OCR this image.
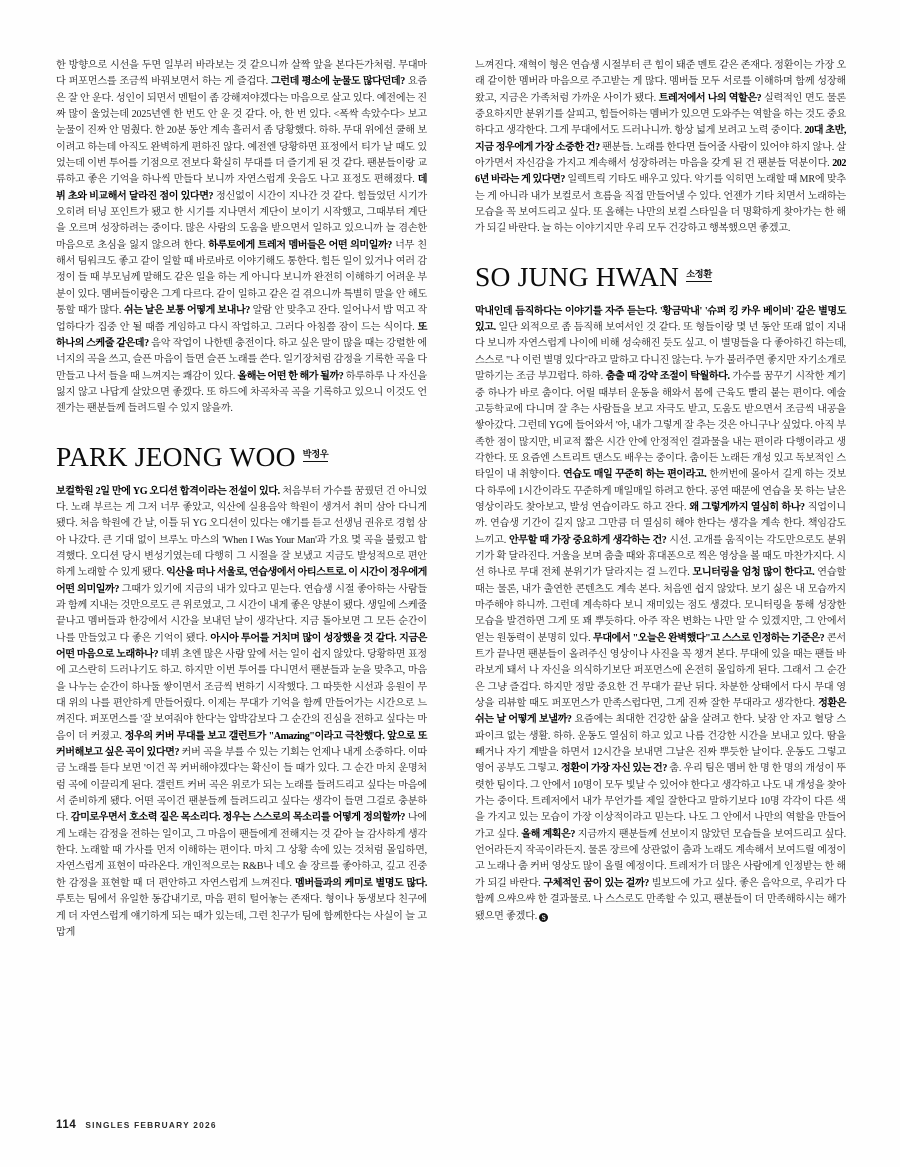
한 방향으로 시선을 두면 일부러 바라보는 것 같으니까 살짝 앞을 본다든가처럼. 무대마다 퍼포먼스를 조금씩 바꿔보면서 하는 게 즐겁다. 그런데 평소에 눈물도 많다던데? 요즘은 잘 안 운다. 성인이 되면서 멘털이 좀 강해져야겠다는 마음으로 살고 있다. 예전에는 진짜 많이 울었는데 2025년엔 한 번도 안 운 것 같다. 아, 한 번 있다. <폭싹 속았수다> 보고 눈물이 진짜 안 멈췄다. 한 20분 동안 계속 흘러서 좀 당황했다. 하하. 무대 위에선 쿨해 보이려고 하는데 아직도 완벽하게 편하진 않다. 예전엔 당황하면 표정에서 티가 날 때도 있었는데 이번 투어를 기점으로 전보다 확실히 무대를 더 즐기게 된 것 같다. 팬분들이랑 교류하고 좋은 기억을 하나씩 만들다 보니까 자연스럽게 웃음도 나고 표정도 편해졌다. 데뷔 초와 비교해서 달라진 점이 있다면? 정신없이 시간이 지나간 것 같다. 힘들었던 시기가 오히려 터닝 포인트가 됐고 한 시기를 지나면서 계단이 보이기 시작했고, 그때부터 계단을 오르며 성장하려는 중이다. 많은 사람의 도움을 받으면서 일하고 있으니까 늘 겸손한 마음으로 초심을 잃지 않으려 한다. 하루토에게 트레저 멤버들은 어떤 의미일까? 너무 친해서 팀워크도 좋고 같이 일할 때 바로바로 이야기해도 통한다. 힘든 일이 있거나 여러 감정이 들 때 부모님께 말해도 같은 일을 하는 게 아니다 보니까 완전히 이해하기 어려운 부분이 있다. 멤버들이랑은 그게 다르다. 같이 일하고 같은 걸 겪으니까 특별히 말을 안 해도 통할 때가 많다. 쉬는 날은 보통 어떻게 보내나? 알람 안 맞추고 잔다. 일어나서 밥 먹고 작업하다가 집중 안 될 때쯤 게임하고 다시 작업하고. 그러다 아침쯤 잠이 드는 식이다. 또 하나의 스케줄 같은데? 음악 작업이 나한텐 충전이다. 하고 싶은 말이 많을 때는 강렬한 에너지의 곡을 쓰고, 슬픈 마음이 들면 슬픈 노래를 쓴다. 일기장처럼 감정을 기록한 곡을 다 만들고 나서 들을 때 느껴지는 쾌감이 있다. 올해는 어떤 한 해가 될까? 하루하루 나 자신을 잃지 않고 나답게 살았으면 좋겠다. 또 하드에 차곡차곡 곡을 기록하고 있으니 이것도 언젠가는 팬분들께 들려드릴 수 있지 않을까.

PARK JEONG WOO 박정우

보컬학원 2일 만에 YG 오디션 합격이라는 전설이 있다. 처음부터 가수를 꿈꿨던 건 아니었다. 노래 부르는 게 그저 너무 좋았고, 익산에 실용음악 학원이 생겨서 취미 삼아 다니게 됐다. 처음 학원에 간 날, 이틀 뒤 YG 오디션이 있다는 얘기를 듣고 선생님 권유로 경험 삼아 나갔다. 큰 기대 없이 브루노 마스의 'When I Was Your Man'과 가요 몇 곡을 불렀고 합격했다. 오디션 당시 변성기였는데 다행히 그 시절을 잘 보냈고 지금도 발성적으로 편안하게 노래할 수 있게 됐다. 익산을 떠나 서울로, 연습생에서 아티스트로. 이 시간이 정우에게 어떤 의미일까? 그때가 있기에 지금의 내가 있다고 믿는다. 연습생 시절 좋아하는 사람들과 함께 지내는 것만으로도 큰 위로였고, 그 시간이 내게 좋은 양분이 됐다. 생일에 스케줄 끝나고 멤버들과 한강에서 시간을 보내던 날이 생각난다. 지금 돌아보면 그 모든 순간이 나를 만들었고 다 좋은 기억이 됐다. 아시아 투어를 거치며 많이 성장했을 것 같다. 지금은 어떤 마음으로 노래하나? 데뷔 초엔 많은 사람 앞에 서는 일이 쉽지 않았다. 당황하면 표정에 고스란히 드러나기도 하고. 하지만 이번 투어를 다니면서 팬분들과 눈을 맞추고, 마음을 나누는 순간이 하나둘 쌓이면서 조금씩 변하기 시작했다. 그 따뜻한 시선과 응원이 무대 위의 나를 편안하게 만들어줬다. 이제는 무대가 기억을 함께 만들어가는 시간으로 느껴진다. 퍼포먼스를 '잘 보여줘야 한다'는 압박감보다 그 순간의 진심을 전하고 싶다는 마음이 더 커졌고. 정우의 커버 무대를 보고 갤런트가 "Amazing"이라고 극찬했다. 앞으로 또 커버해보고 싶은 곡이 있다면? 커버 곡을 부를 수 있는 기회는 언제나 내게 소중하다. 이따금 노래를 듣다 보면 '이건 꼭 커버해야겠다'는 확신이 들 때가 있다. 그 순간 마치 운명처럼 곡에 이끌리게 된다. 갤런트 커버 곡은 위로가 되는 노래를 들려드리고 싶다는 마음에서 준비하게 됐다. 어떤 곡이건 팬분들께 들려드리고 싶다는 생각이 들면 그걸로 충분하다. 감미로우면서 호소력 짙은 목소리다. 정우는 스스로의 목소리를 어떻게 정의할까? 나에게 노래는 감정을 전하는 일이고, 그 마음이 팬들에게 전해지는 것 같아 늘 감사하게 생각한다. 노래할 때 가사를 먼저 이해하는 편이다. 마치 그 상황 속에 있는 것처럼 몰입하면, 자연스럽게 표현이 따라온다. 개인적으로는 R&B나 네오 솔 장르를 좋아하고, 깊고 진중한 감정을 표현할 때 더 편안하고 자연스럽게 느껴진다. 멤버들과의 케미로 별명도 많다. 루토는 팀에서 유일한 동갑내기로, 마음 편히 털어놓는 존재다. 형이나 동생보다 친구에게 더 자연스럽게 얘기하게 되는 때가 있는데, 그런 친구가 팀에 함께한다는 사실이 늘 고맙게

느껴진다. 재혁이 형은 연습생 시절부터 큰 힘이 돼준 멘토 같은 존재다. 정환이는 가장 오래 같이한 멤버라 마음으로 주고받는 게 많다. 멤버들 모두 서로를 이해하며 함께 성장해왔고, 지금은 가족처럼 가까운 사이가 됐다. 트레저에서 나의 역할은? 실력적인 면도 물론 중요하지만 분위기를 살피고, 힘들어하는 멤버가 있으면 도와주는 역할을 하는 것도 중요하다고 생각한다. 그게 무대에서도 드러나니까. 항상 넓게 보려고 노력 중이다. 20대 초반, 지금 정우에게 가장 소중한 건? 팬분들. 노래를 한다면 들어줄 사람이 있어야 하지 않나. 살아가면서 자신감을 가지고 계속해서 성장하려는 마음을 갖게 된 건 팬분들 덕분이다. 2026년 바라는 게 있다면? 일렉트릭 기타도 배우고 있다. 악기를 익히면 노래할 때 MR에 맞추는 게 아니라 내가 보컬로서 흐름을 직접 만들어낼 수 있다. 언젠가 기타 치면서 노래하는 모습을 꼭 보여드리고 싶다. 또 올해는 나만의 보컬 스타일을 더 명확하게 찾아가는 한 해가 되길 바란다. 늘 하는 이야기지만 우리 모두 건강하고 행복했으면 좋겠고.

SO JUNG HWAN 소정환

막내인데 듬직하다는 이야기를 자주 듣는다. '황금막내' '슈퍼 킹 카우 베이비' 같은 별명도 있고. 일단 외적으로 좀 듬직해 보여서인 것 같다. 또 형들이랑 몇 년 동안 또래 없이 지내다 보니까 자연스럽게 나이에 비해 성숙해진 듯도 싶고. 이 별명들을 다 좋아하긴 하는데, 스스로 "나 이런 별명 있다"라고 말하고 다니진 않는다. 누가 불러주면 좋지만 자기소개로 말하기는 조금 부끄럽다. 하하. 춤출 때 강약 조절이 탁월하다. 가수를 꿈꾸기 시작한 계기 중 하나가 바로 춤이다. 어릴 때부터 운동을 해와서 몸에 근육도 빨리 붙는 편이다. 예술 고등학교에 다니며 잘 추는 사람들을 보고 자극도 받고, 도움도 받으면서 조금씩 내공을 쌓아갔다. 그런데 YG에 들어와서 '아, 내가 그렇게 잘 추는 것은 아니구나' 싶었다. 아직 부족한 점이 많지만, 비교적 짧은 시간 안에 안정적인 결과물을 내는 편이라 다행이라고 생각한다. 또 요즘엔 스트리트 댄스도 배우는 중이다. 춤이든 노래든 개성 있고 독보적인 스타일이 내 취향이다. 연습도 매일 꾸준히 하는 편이라고. 한꺼번에 몰아서 길게 하는 것보다 하루에 1시간이라도 꾸준하게 매일매일 하려고 한다. 공연 때문에 연습을 못 하는 날은 영상이라도 찾아보고, 발성 연습이라도 하고 잔다. 왜 그렇게까지 열심히 하나? 직업이니까. 연습생 기간이 길지 않고 그만큼 더 열심히 해야 한다는 생각을 계속 한다. 책임감도 느끼고. 안무할 때 가장 중요하게 생각하는 건? 시선. 고개를 움직이는 각도만으로도 분위기가 확 달라진다. 거울을 보며 춤출 때와 휴대폰으로 찍은 영상을 볼 때도 마찬가지다. 시선 하나로 무대 전체 분위기가 달라지는 걸 느낀다. 모니터링을 엄청 많이 한다고. 연습할 때는 물론, 내가 출연한 콘텐츠도 계속 본다. 처음엔 쉽지 않았다. 보기 싫은 내 모습까지 마주해야 하니까. 그런데 계속하다 보니 재미있는 점도 생겼다. 모니터링을 통해 성장한 모습을 발견하면 그게 또 꽤 뿌듯하다. 아주 작은 변화는 나만 알 수 있겠지만, 그 안에서 얻는 원동력이 분명히 있다. 무대에서 "오늘은 완벽했다"고 스스로 인정하는 기준은? 콘서트가 끝나면 팬분들이 올려주신 영상이나 사진을 꼭 챙겨 본다. 무대에 있을 때는 팬들 바라보게 돼서 나 자신을 의식하기보단 퍼포먼스에 온전히 몰입하게 된다. 그래서 그 순간은 그냥 즐겁다. 하지만 정말 중요한 건 무대가 끝난 뒤다. 차분한 상태에서 다시 무대 영상을 리뷰할 때도 퍼포먼스가 만족스럽다면, 그게 진짜 잘한 무대라고 생각한다. 정환은 쉬는 날 어떻게 보낼까? 요즘에는 최대한 건강한 삶을 살려고 한다. 낮잠 안 자고 혈당 스파이크 없는 생활. 하하. 운동도 열심히 하고 있고 나름 건강한 시간을 보내고 있다. 땀을 빼거나 자기 계발을 하면서 12시간을 보내면 그날은 진짜 뿌듯한 날이다. 운동도 그렇고 영어 공부도 그렇고. 정환이 가장 자신 있는 건? 춤. 우리 팀은 멤버 한 명 한 명의 개성이 뚜렷한 팀이다. 그 안에서 10명이 모두 빛날 수 있어야 한다고 생각하고 나도 내 개성을 찾아가는 중이다. 트레저에서 내가 무언가를 제일 잘한다고 말하기보다 10명 각각이 다른 색을 가지고 있는 모습이 가장 이상적이라고 믿는다. 나도 그 안에서 나만의 역할을 만들어가고 싶다. 올해 계획은? 지금까지 팬분들께 선보이지 않았던 모습들을 보여드리고 싶다. 언어라든지 작곡이라든지. 물론 장르에 상관없이 춤과 노래도 계속해서 보여드릴 예정이고 노래나 춤 커버 영상도 많이 올릴 예정이다. 트레저가 더 많은 사람에게 인정받는 한 해가 되길 바란다. 구체적인 꿈이 있는 걸까? 빌보드에 가고 싶다. 좋은 음악으로, 우리가 다 함께 으쌰으쌰 한 결과물로. 나 스스로도 만족할 수 있고, 팬분들이 더 만족해하시는 해가 됐으면 좋겠다. S

114 SINGLES FEBRUARY 2026
